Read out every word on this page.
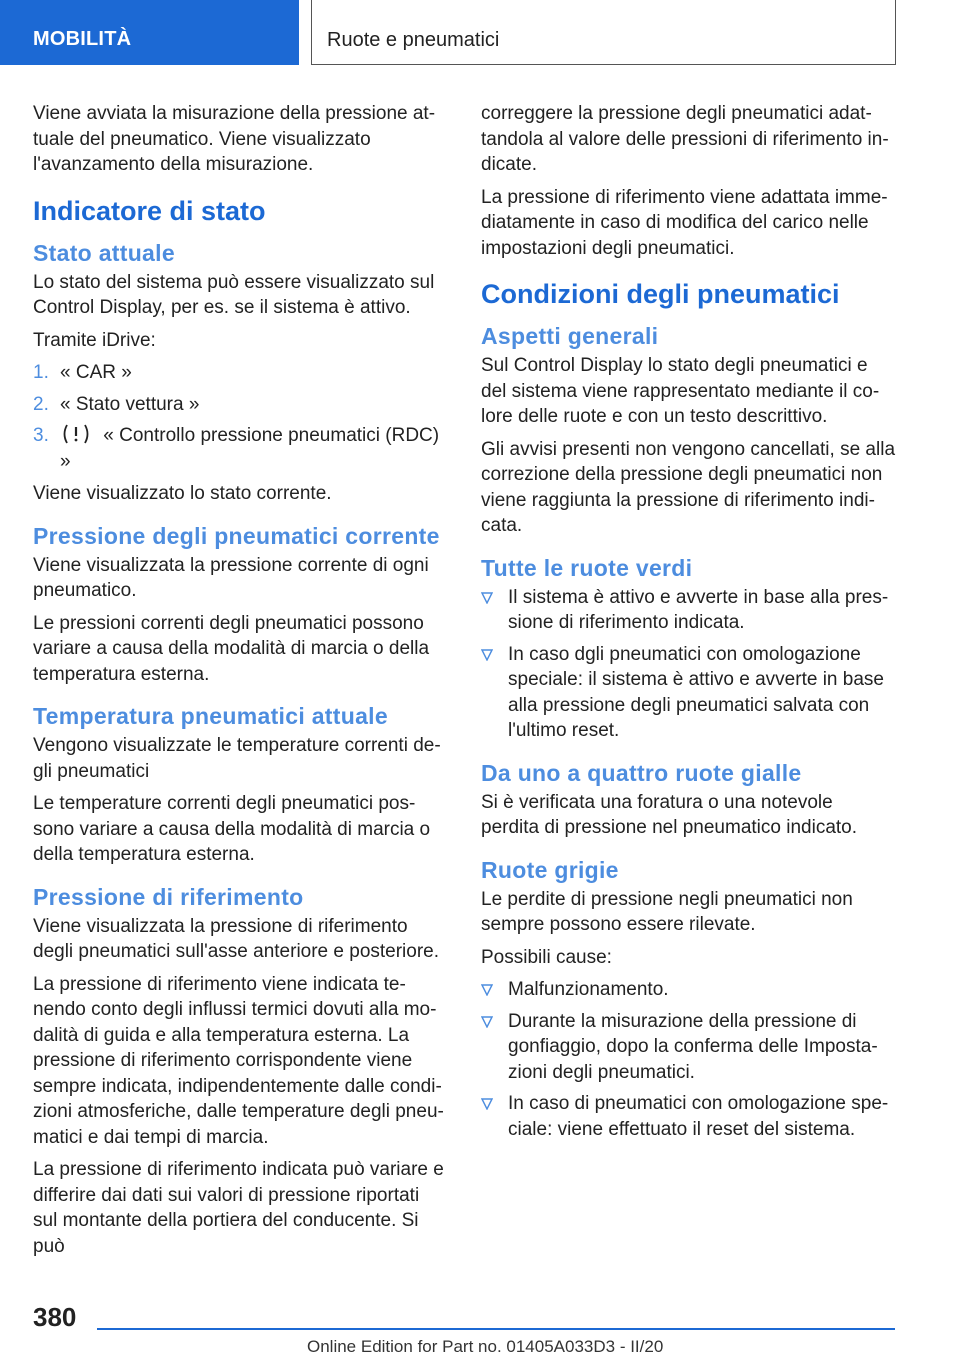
MOBILITÀ	Ruote e pneumatici

Viene avviata la misurazione della pressione attuale del pneumatico. Viene visualizzato l'avanzamento della misurazione.

Indicatore di stato
Stato attuale

Lo stato del sistema può essere visualizzato sul Control Display, per es. se il sistema è attivo.

Tramite iDrive:

1. « CAR »
2. « Stato vettura »
3.	« Controllo pressione pneumatici (RDC) »

Viene visualizzato lo stato corrente.

Pressione degli pneumatici corrente

Viene visualizzata la pressione corrente di ogni pneumatico.

Le pressioni correnti degli pneumatici possono variare a causa della modalità di marcia o della temperatura esterna.

Temperatura pneumatici attuale

Vengono visualizzate le temperature correnti degli pneumatici

Le temperature correnti degli pneumatici possono variare a causa della modalità di marcia o della temperatura esterna.

Pressione di riferimento

Viene visualizzata la pressione di riferimento degli pneumatici sull'asse anteriore e posteriore.

La pressione di riferimento viene indicata tenendo conto degli influssi termici dovuti alla modalità di guida e alla temperatura esterna. La pressione di riferimento corrispondente viene sempre indicata, indipendentemente dalle condizioni atmosferiche, dalle temperature degli pneumatici e dai tempi di marcia.

La pressione di riferimento indicata può variare e differire dai dati sui valori di pressione riportati sul montante della portiera del conducente. Si può

correggere la pressione degli pneumatici adattandola al valore delle pressioni di riferimento indicate.

La pressione di riferimento viene adattata immediatamente in caso di modifica del carico nelle impostazioni degli pneumatici.

Condizioni degli pneumatici
Aspetti generali

Sul Control Display lo stato degli pneumatici e del sistema viene rappresentato mediante il colore delle ruote e con un testo descrittivo.

Gli avvisi presenti non vengono cancellati, se alla correzione della pressione degli pneumatici non viene raggiunta la pressione di riferimento indicata.

Tutte le ruote verdi
Il sistema è attivo e avverte in base alla pressione di riferimento indicata.
In caso dgli pneumatici con omologazione speciale: il sistema è attivo e avverte in base alla pressione degli pneumatici salvata con l'ultimo reset.
Da uno a quattro ruote gialle

Si è verificata una foratura o una notevole perdita di pressione nel pneumatico indicato.

Ruote grigie

Le perdite di pressione negli pneumatici non sempre possono essere rilevate.

Possibili cause:

Malfunzionamento.
Durante la misurazione della pressione di gonfiaggio, dopo la conferma delle Impostazioni degli pneumatici.
In caso di pneumatici con omologazione speciale: viene effettuato il reset del sistema.
380
Online Edition for Part no. 01405A033D3 - II/20
